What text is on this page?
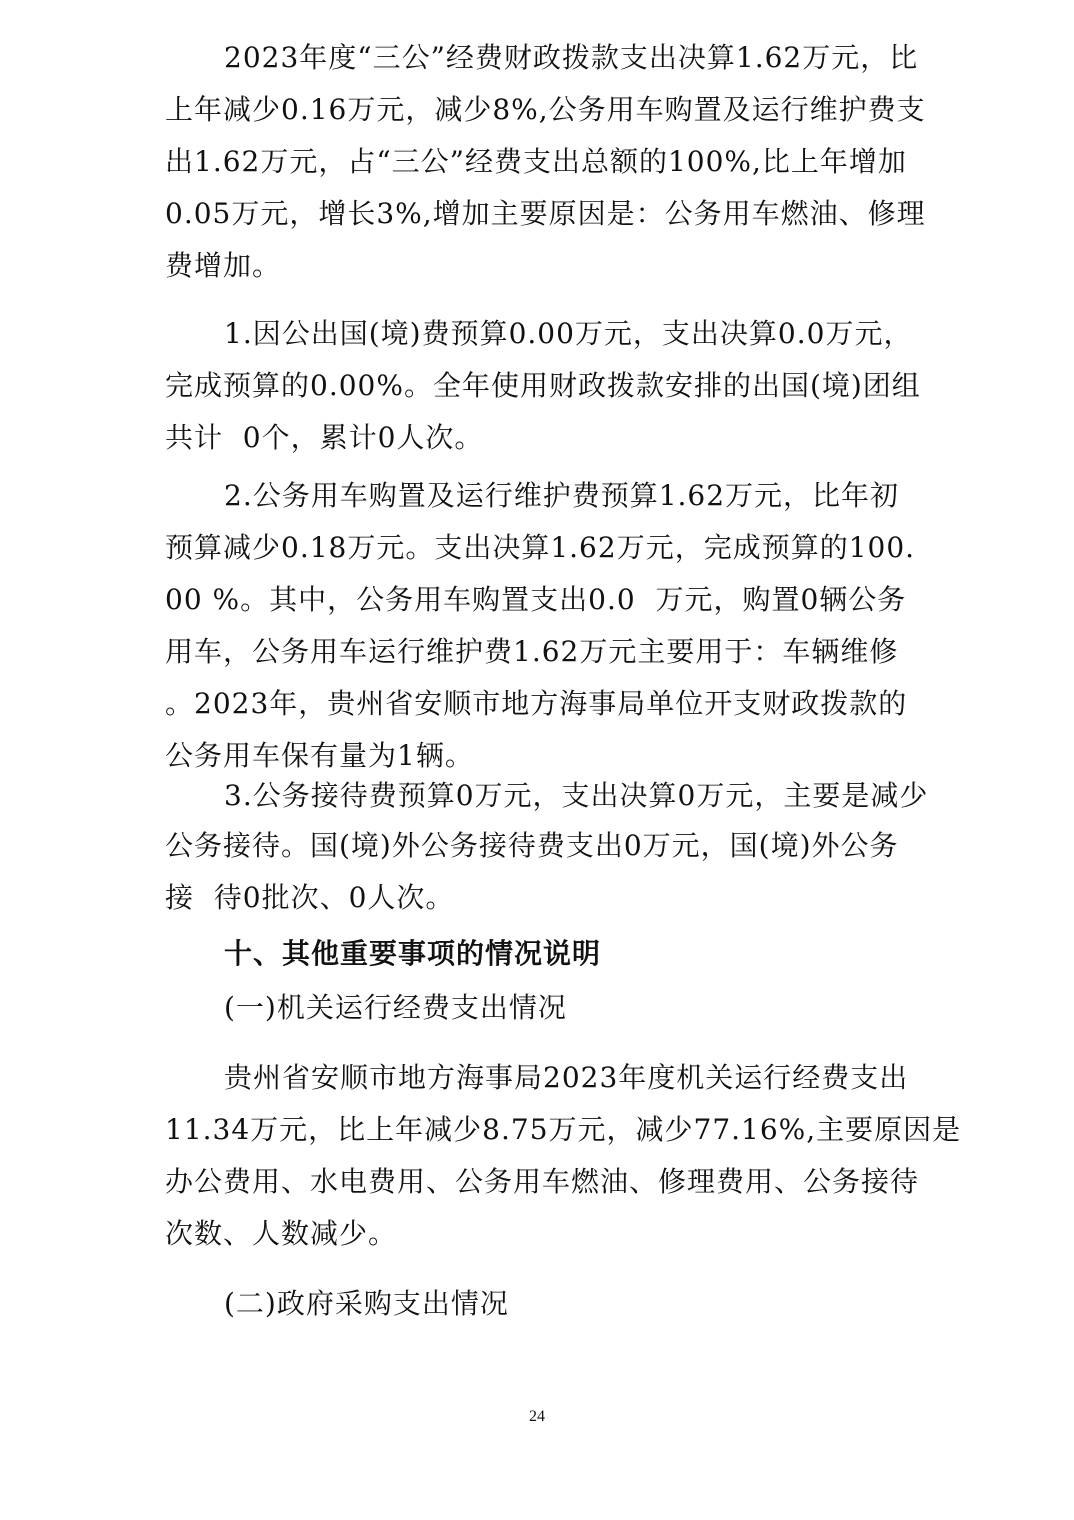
2023年度“三公”经费财政拨款支出决算1.62万元，比
上年减少0.16万元，减少8%,公务用车购置及运行维护费支
出1.62万元，占“三公”经费支出总额的100%,比上年增加
0.05万元，增长3%,增加主要原因是：公务用车燃油、修理
费增加。
1.因公出国(境)费预算0.00万元，支出决算0.0万元，
完成预算的0.00%。全年使用财政拨款安排的出国(境)团组
共计  0个，累计0人次。
2.公务用车购置及运行维护费预算1.62万元，比年初
预算减少0.18万元。支出决算1.62万元，完成预算的100.
00 %。其中，公务用车购置支出0.0  万元，购置0辆公务
用车，公务用车运行维护费1.62万元主要用于：车辆维修
。2023年，贵州省安顺市地方海事局单位开支财政拨款的
公务用车保有量为1辆。
3.公务接待费预算0万元，支出决算0万元，主要是减少
公务接待。国(境)外公务接待费支出0万元，国(境)外公务
接  待0批次、0人次。
十、其他重要事项的情况说明
(一)机关运行经费支出情况
贵州省安顺市地方海事局2023年度机关运行经费支出
11.34万元，比上年减少8.75万元，减少77.16%,主要原因是
办公费用、水电费用、公务用车燃油、修理费用、公务接待
次数、人数减少。
(二)政府采购支出情况
24
